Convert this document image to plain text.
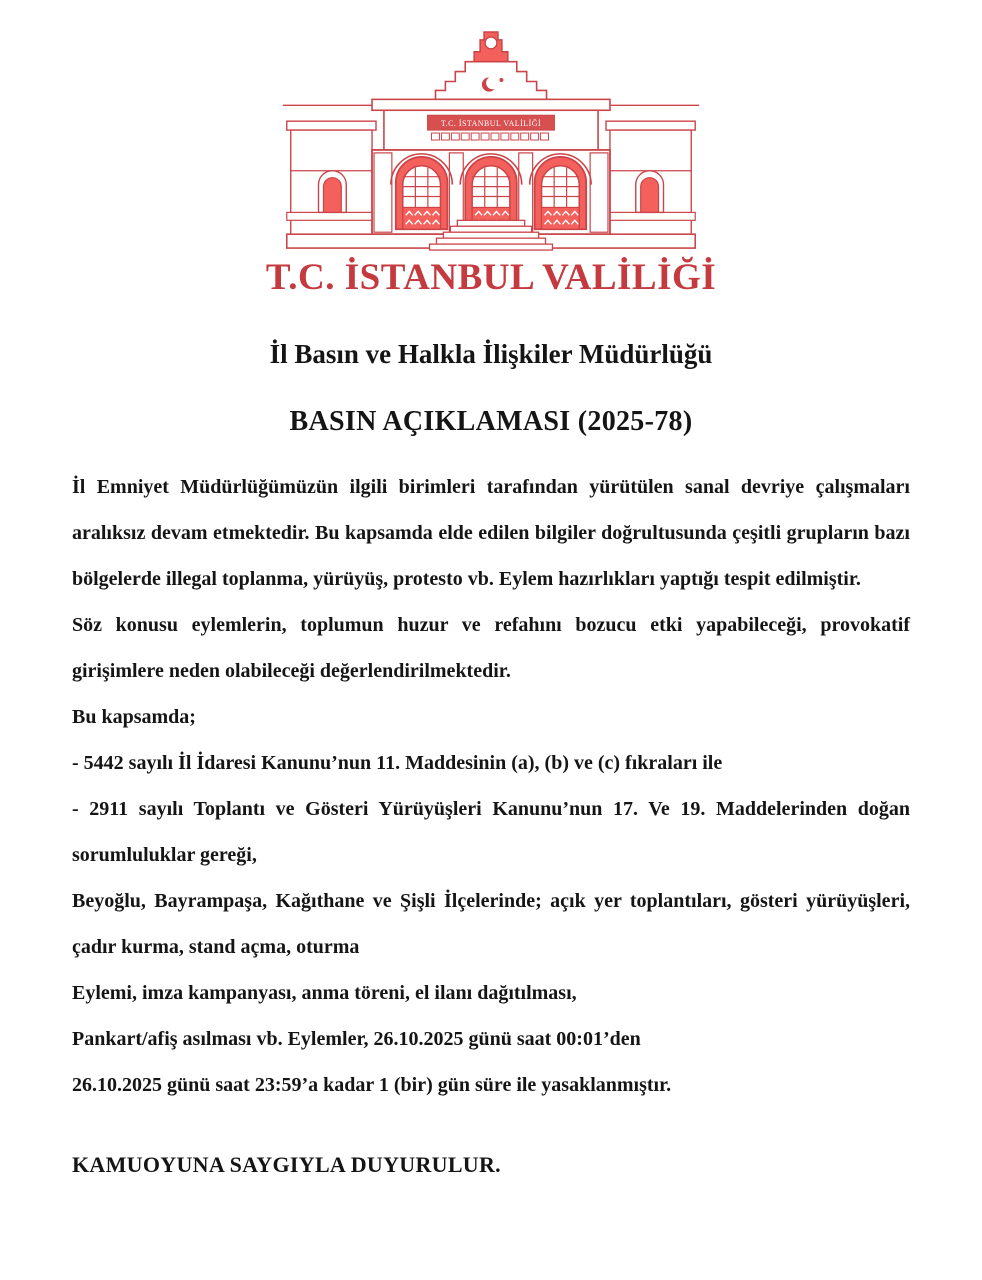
T.C. İSTANBUL VALİLİĞİ
T.C. İSTANBUL VALİLİĞİ
İl Basın ve Halkla İlişkiler Müdürlüğü
BASIN AÇIKLAMASI (2025-78)

İl Emniyet Müdürlüğümüzün ilgili birimleri tarafından yürütülen sanal devriye çalışmaları aralıksız devam etmektedir. Bu kapsamda elde edilen bilgiler doğrultusunda çeşitli grupların bazı bölgelerde illegal toplanma, yürüyüş, protesto vb. Eylem hazırlıkları yaptığı tespit edilmiştir.

Söz konusu eylemlerin, toplumun huzur ve refahını bozucu etki yapabileceği, provokatif girişimlere neden olabileceği değerlendirilmektedir.

Bu kapsamda;

- 5442 sayılı İl İdaresi Kanunu’nun 11. Maddesinin (a), (b) ve (c) fıkraları ile

- 2911 sayılı Toplantı ve Gösteri Yürüyüşleri Kanunu’nun 17. Ve 19. Maddelerinden doğan sorumluluklar gereği,

Beyoğlu, Bayrampaşa, Kağıthane ve Şişli İlçelerinde; açık yer toplantıları, gösteri yürüyüşleri, çadır kurma, stand açma, oturma

Eylemi, imza kampanyası, anma töreni, el ilanı dağıtılması,

Pankart/afiş asılması vb. Eylemler, 26.10.2025 günü saat 00:01’den

26.10.2025 günü saat 23:59’a kadar 1 (bir) gün süre ile yasaklanmıştır.

KAMUOYUNA SAYGIYLA DUYURULUR.
